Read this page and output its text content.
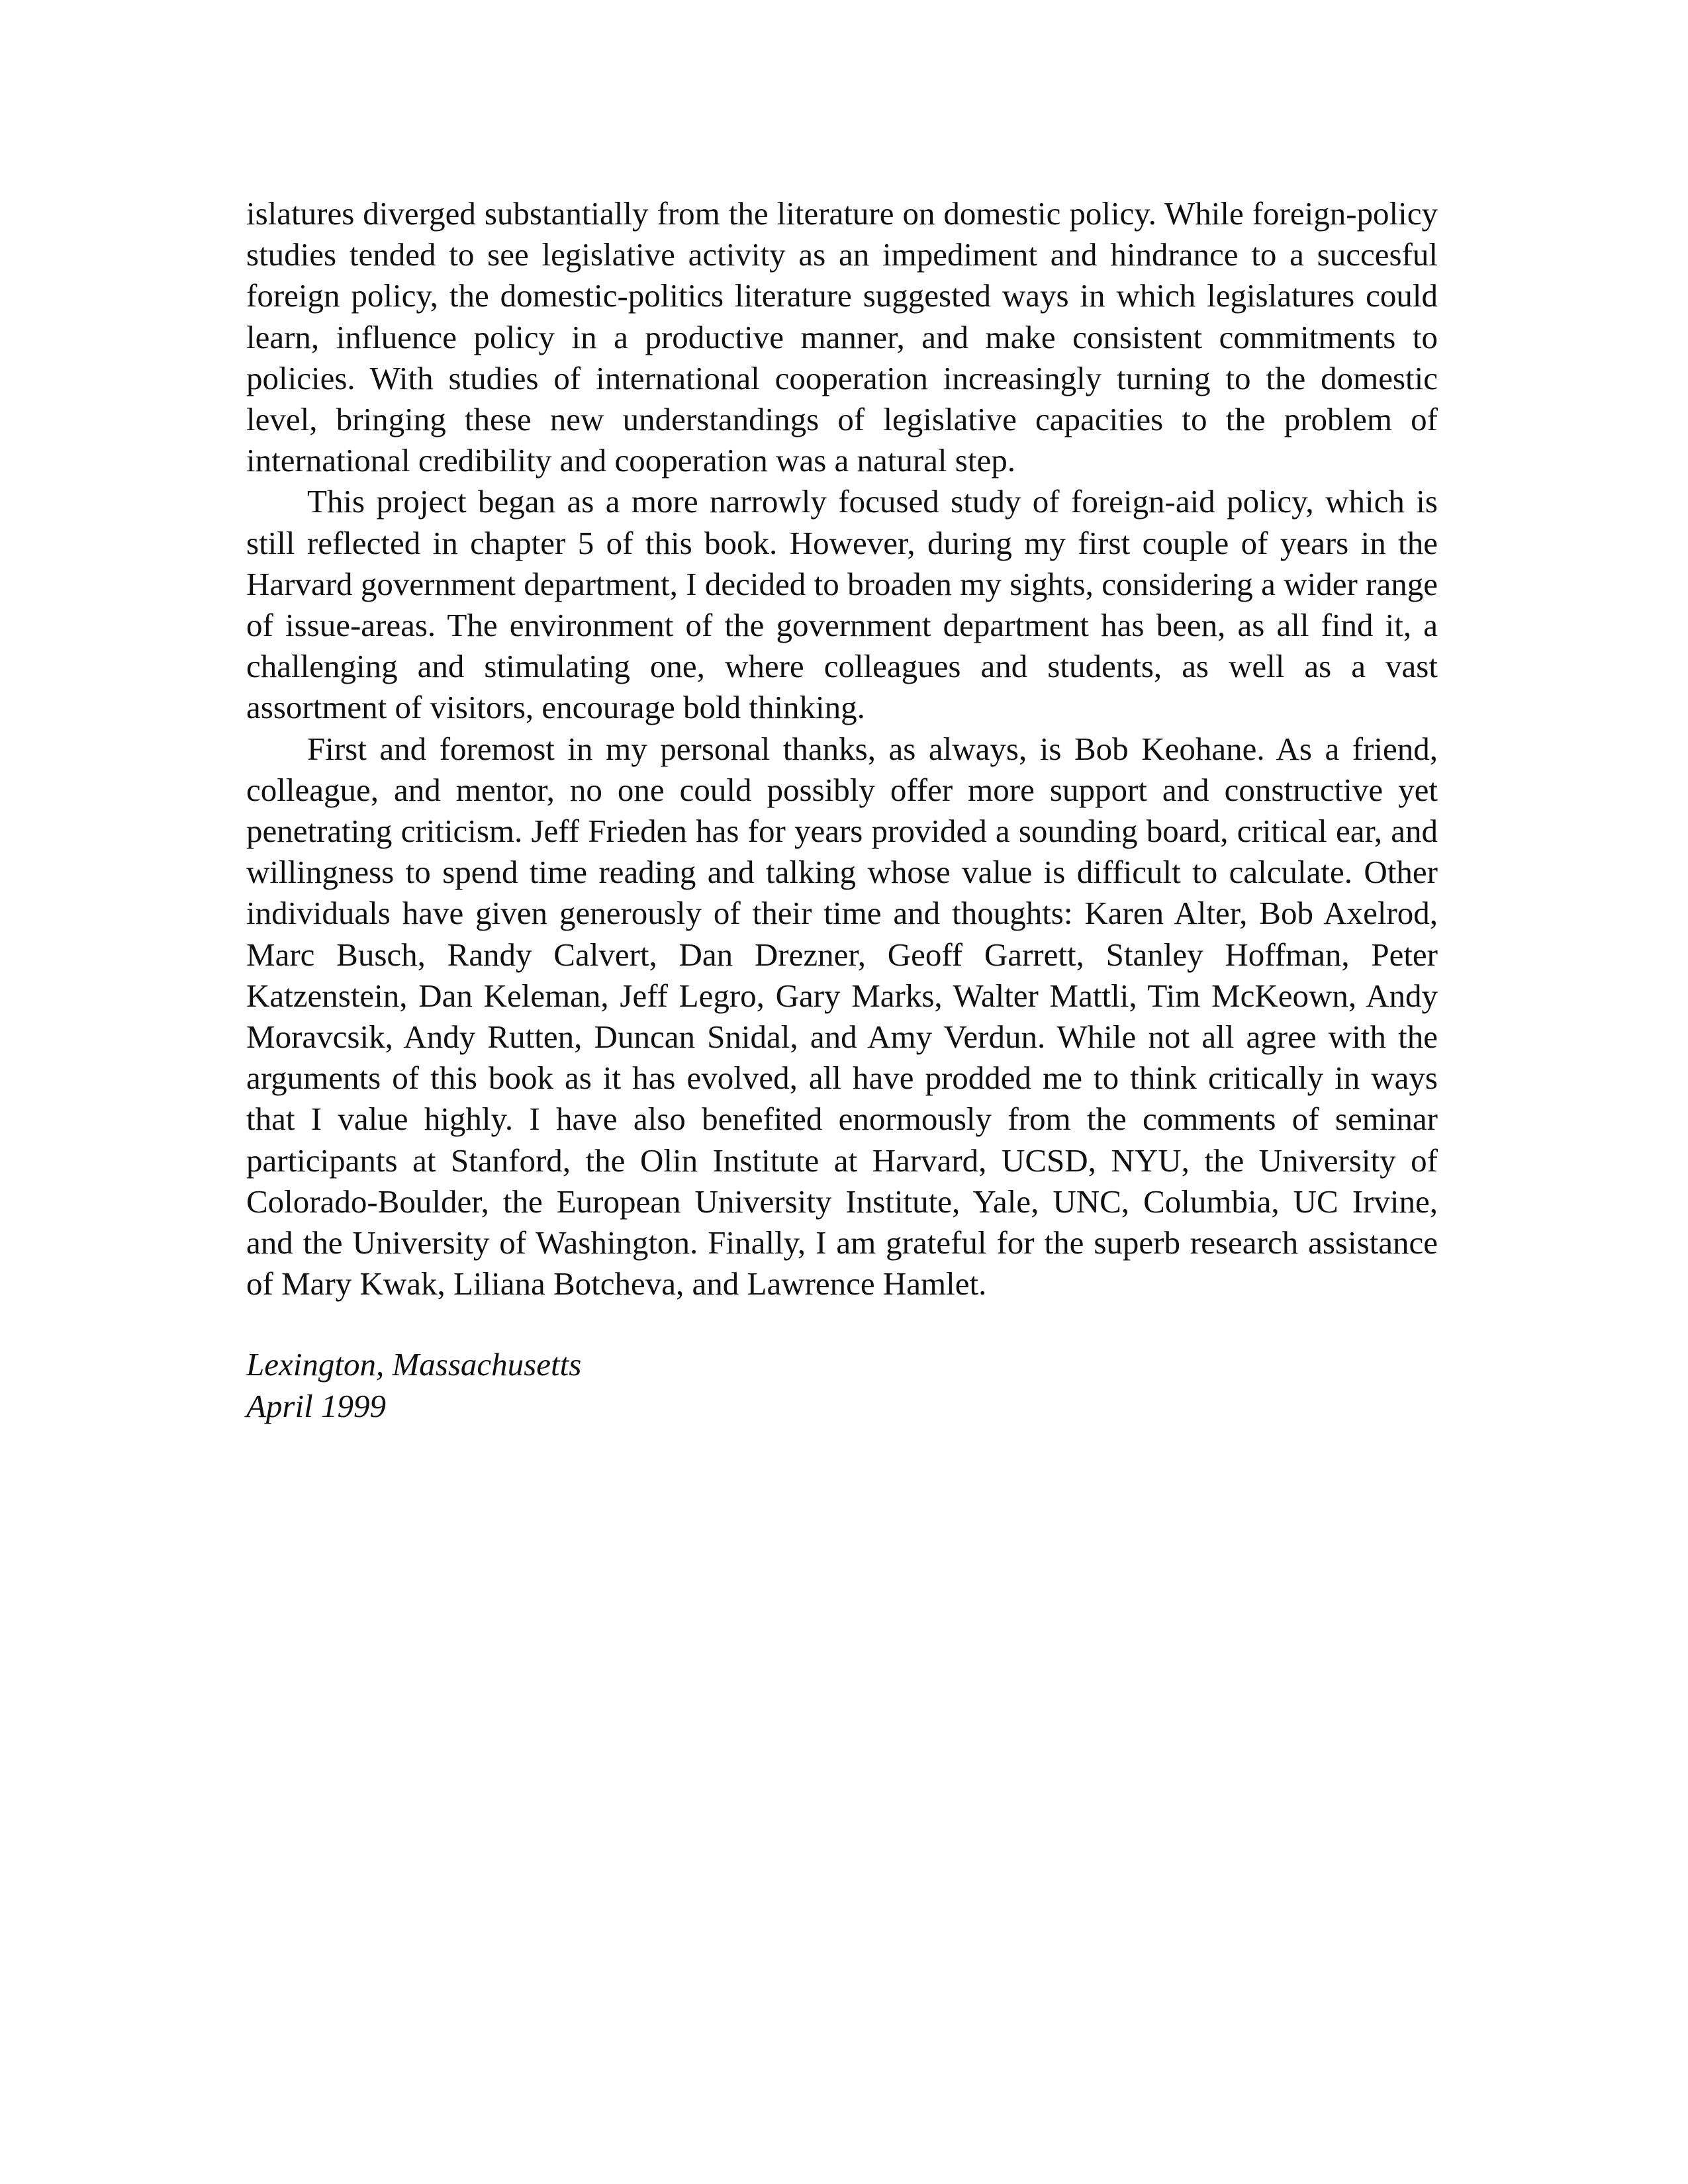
islatures diverged substantially from the literature on domestic policy. While foreign-policy studies tended to see legislative activity as an impediment and hindrance to a succesful foreign policy, the domestic-politics literature suggested ways in which legislatures could learn, influence policy in a productive manner, and make consistent commitments to policies. With studies of international cooperation increasingly turning to the domestic level, bringing these new understandings of legislative capacities to the problem of international credibility and cooperation was a natural step.

This project began as a more narrowly focused study of foreign-aid policy, which is still reflected in chapter 5 of this book. However, during my first couple of years in the Harvard government department, I decided to broaden my sights, considering a wider range of issue-areas. The environment of the government department has been, as all find it, a challenging and stimulating one, where colleagues and students, as well as a vast assortment of visitors, encourage bold thinking.

First and foremost in my personal thanks, as always, is Bob Keohane. As a friend, colleague, and mentor, no one could possibly offer more support and constructive yet penetrating criticism. Jeff Frieden has for years provided a sounding board, critical ear, and willingness to spend time reading and talking whose value is difficult to calculate. Other individuals have given generously of their time and thoughts: Karen Alter, Bob Axelrod, Marc Busch, Randy Calvert, Dan Drezner, Geoff Garrett, Stanley Hoffman, Peter Katzenstein, Dan Keleman, Jeff Legro, Gary Marks, Walter Mattli, Tim McKeown, Andy Moravcsik, Andy Rutten, Duncan Snidal, and Amy Verdun. While not all agree with the arguments of this book as it has evolved, all have prodded me to think critically in ways that I value highly. I have also benefited enormously from the comments of seminar participants at Stanford, the Olin Institute at Harvard, UCSD, NYU, the University of Colorado-Boulder, the European University Institute, Yale, UNC, Columbia, UC Irvine, and the University of Washington. Finally, I am grateful for the superb research assistance of Mary Kwak, Liliana Botcheva, and Lawrence Hamlet.

Lexington, Massachusetts
April 1999
